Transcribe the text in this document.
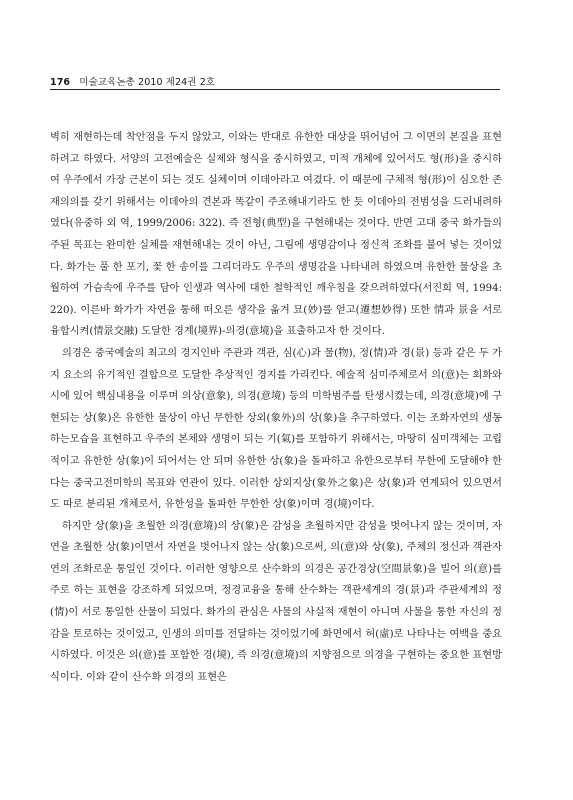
176 미술교육논총 2010 제24권 2호

벽히 재현하는데 착안점을 두지 않았고, 이와는 반대로 유한한 대상을 뛰어넘어 그 이면의 본질을 표현하려고 하였다. 서양의 고전예술은 실제와 형식을 중시하였고, 미적 개체에 있어서도 형(形)을 중시하여 우주에서 가장 근본이 되는 것도 실체이며 이데아라고 여겼다. 이 때문에 구체적 형(形)이 심오한 존재의의를 갖기 위해서는 이데아의 견본과 똑같이 주조해내기라도 한 듯 이데아의 전범성을 드러내려하였다(유중하 외 역, 1999/2006: 322). 즉 전형(典型)을 구현해내는 것이다. 반면 고대 중국 화가들의 주된 목표는 완미한 실체를 재현해내는 것이 아닌, 그림에 생명감이나 정신적 조화를 불어 넣는 것이었다. 화가는 풀 한 포기, 꽃 한 송이를 그리더라도 우주의 생명감을 나타내려 하였으며 유한한 물상을 초월하여 가슴속에 우주를 담아 인생과 역사에 대한 철학적인 깨우침을 갖으려하였다(서진희 역, 1994: 220). 이른바 화가가 자연을 통해 떠오른 생각을 옮겨 묘(妙)를 얻고(遷想妙得) 또한 情과 景을 서로 융합시켜(情景交融) 도달한 경계(境界)-의경(意境)을 표출하고자 한 것이다.

의경은 중국예술의 최고의 경지인바 주관과 객관, 심(心)과 물(物), 정(情)과 경(景) 등과 같은 두 가지 요소의 유기적인 결합으로 도달한 추상적인 경지를 가리킨다. 예술적 심미주체로서 의(意)는 회화와 시에 있어 핵심내용을 이루며 의상(意象), 의경(意境) 등의 미학범주를 탄생시켰는데, 의경(意境)에 구현되는 상(象)은 유한한 물상이 아닌 무한한 상외(象外)의 상(象)을 추구하였다. 이는 조화자연의 생동하는모습을 표현하고 우주의 본체와 생명이 되는 기(氣)를 포함하기 위해서는, 마땅히 심미객체는 고립적이고 유한한 상(象)이 되어서는 안 되며 유한한 상(象)을 돌파하고 유한으로부터 무한에 도달해야 한다는 중국고전미학의 목표와 연관이 있다. 이러한 상외지상(象外之象)은 상(象)과 연계되어 있으면서도 따로 분리된 개체로서, 유한성을 돌파한 무한한 상(象)이며 경(境)이다.

하지만 상(象)을 초월한 의경(意境)의 상(象)은 감성을 초월하지만 감성을 벗어나지 않는 것이며, 자연을 초월한 상(象)이면서 자연을 벗어나지 않는 상(象)으로써, 의(意)와 상(象), 주체의 정신과 객관자연의 조화로운 통일인 것이다. 이러한 영향으로 산수화의 의경은 공간경상(空間景象)을 빌어 의(意)를 주로 하는 표현을 강조하게 되었으며, 정경교융을 통해 산수화는 객관세계의 경(景)과 주관세계의 정(情)이 서로 통일한 산물이 되었다. 화가의 관심은 사물의 사실적 재현이 아니며 사물을 통한 자신의 정감을 토로하는 것이었고, 인생의 의미를 전달하는 것이었기에 화면에서 허(虛)로 나타나는 여백을 중요시하였다. 이것은 의(意)를 포함한 경(境), 즉 의경(意境)의 지향점으로 의경을 구현하는 중요한 표현방식이다. 이와 같이 산수화 의경의 표현은
